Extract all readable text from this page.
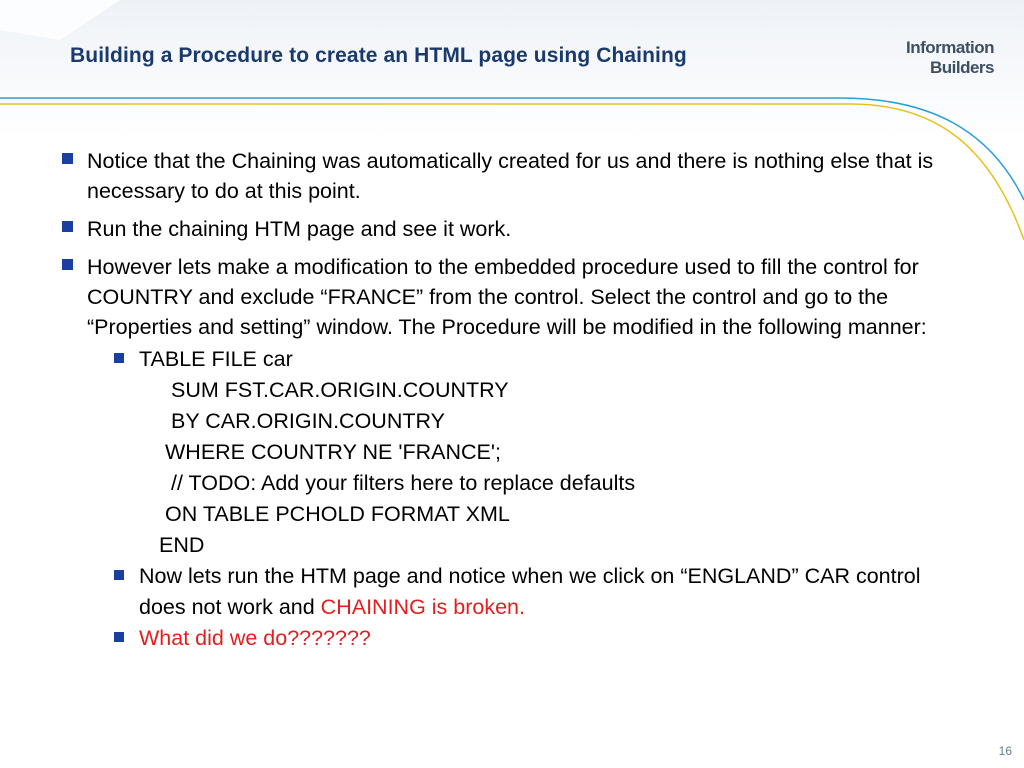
Building a Procedure to create an HTML page using Chaining	Information
Builders
Notice that the Chaining was automatically created for us and there is nothing else that is necessary to do at this point.
Run the chaining HTM page and see it work.
However lets make a modification to the embedded procedure used to fill the control for COUNTRY and exclude “FRANCE” from the control. Select the control and go to the “Properties and setting” window. The Procedure will be modified in the following manner:
TABLE FILE car
SUM FST.CAR.ORIGIN.COUNTRY
BY CAR.ORIGIN.COUNTRY
WHERE COUNTRY NE 'FRANCE';
// TODO: Add your filters here to replace defaults
ON TABLE PCHOLD FORMAT XML
END
Now lets run the HTM page and notice when we click on “ENGLAND” CAR control does not work and CHAINING is broken.
What did we do???????
16
